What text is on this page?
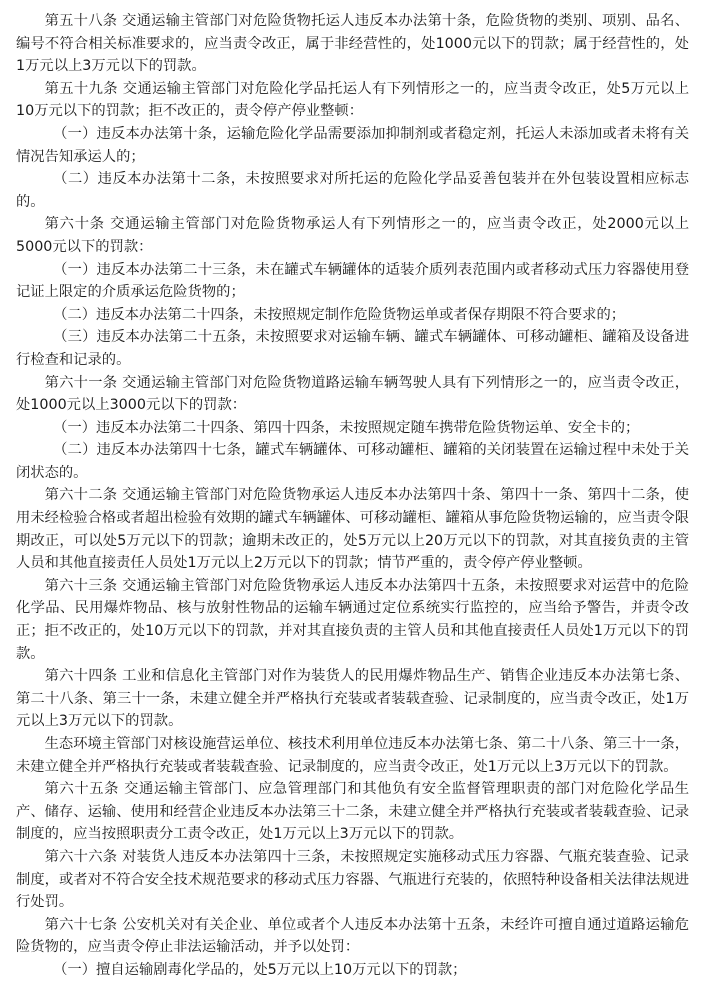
第五十八条 交通运输主管部门对危险货物托运人违反本办法第十条，危险货物的类别、项别、品名、编号不符合相关标准要求的，应当责令改正，属于非经营性的，处1000元以下的罚款；属于经营性的，处1万元以上3万元以下的罚款。

第五十九条 交通运输主管部门对危险化学品托运人有下列情形之一的，应当责令改正，处5万元以上10万元以下的罚款；拒不改正的，责令停产停业整顿：

（一）违反本办法第十条，运输危险化学品需要添加抑制剂或者稳定剂，托运人未添加或者未将有关情况告知承运人的；

（二）违反本办法第十二条，未按照要求对所托运的危险化学品妥善包装并在外包装设置相应标志的。

第六十条 交通运输主管部门对危险货物承运人有下列情形之一的，应当责令改正，处2000元以上5000元以下的罚款：

（一）违反本办法第二十三条，未在罐式车辆罐体的适装介质列表范围内或者移动式压力容器使用登记证上限定的介质承运危险货物的；

（二）违反本办法第二十四条，未按照规定制作危险货物运单或者保存期限不符合要求的；

（三）违反本办法第二十五条，未按照要求对运输车辆、罐式车辆罐体、可移动罐柜、罐箱及设备进行检查和记录的。

第六十一条 交通运输主管部门对危险货物道路运输车辆驾驶人具有下列情形之一的，应当责令改正，处1000元以上3000元以下的罚款：

（一）违反本办法第二十四条、第四十四条，未按照规定随车携带危险货物运单、安全卡的；

（二）违反本办法第四十七条，罐式车辆罐体、可移动罐柜、罐箱的关闭装置在运输过程中未处于关闭状态的。

第六十二条 交通运输主管部门对危险货物承运人违反本办法第四十条、第四十一条、第四十二条，使用未经检验合格或者超出检验有效期的罐式车辆罐体、可移动罐柜、罐箱从事危险货物运输的，应当责令限期改正，可以处5万元以下的罚款；逾期未改正的，处5万元以上20万元以下的罚款，对其直接负责的主管人员和其他直接责任人员处1万元以上2万元以下的罚款；情节严重的，责令停产停业整顿。

第六十三条 交通运输主管部门对危险货物承运人违反本办法第四十五条，未按照要求对运营中的危险化学品、民用爆炸物品、核与放射性物品的运输车辆通过定位系统实行监控的，应当给予警告，并责令改正；拒不改正的，处10万元以下的罚款，并对其直接负责的主管人员和其他直接责任人员处1万元以下的罚款。

第六十四条 工业和信息化主管部门对作为装货人的民用爆炸物品生产、销售企业违反本办法第七条、第二十八条、第三十一条，未建立健全并严格执行充装或者装载查验、记录制度的，应当责令改正，处1万元以上3万元以下的罚款。

生态环境主管部门对核设施营运单位、核技术利用单位违反本办法第七条、第二十八条、第三十一条，未建立健全并严格执行充装或者装载查验、记录制度的，应当责令改正，处1万元以上3万元以下的罚款。

第六十五条 交通运输主管部门、应急管理部门和其他负有安全监督管理职责的部门对危险化学品生产、储存、运输、使用和经营企业违反本办法第三十二条，未建立健全并严格执行充装或者装载查验、记录制度的，应当按照职责分工责令改正，处1万元以上3万元以下的罚款。

第六十六条 对装货人违反本办法第四十三条，未按照规定实施移动式压力容器、气瓶充装查验、记录制度，或者对不符合安全技术规范要求的移动式压力容器、气瓶进行充装的，依照特种设备相关法律法规进行处罚。

第六十七条 公安机关对有关企业、单位或者个人违反本办法第十五条，未经许可擅自通过道路运输危险货物的，应当责令停止非法运输活动，并予以处罚：

（一）擅自运输剧毒化学品的，处5万元以上10万元以下的罚款；
